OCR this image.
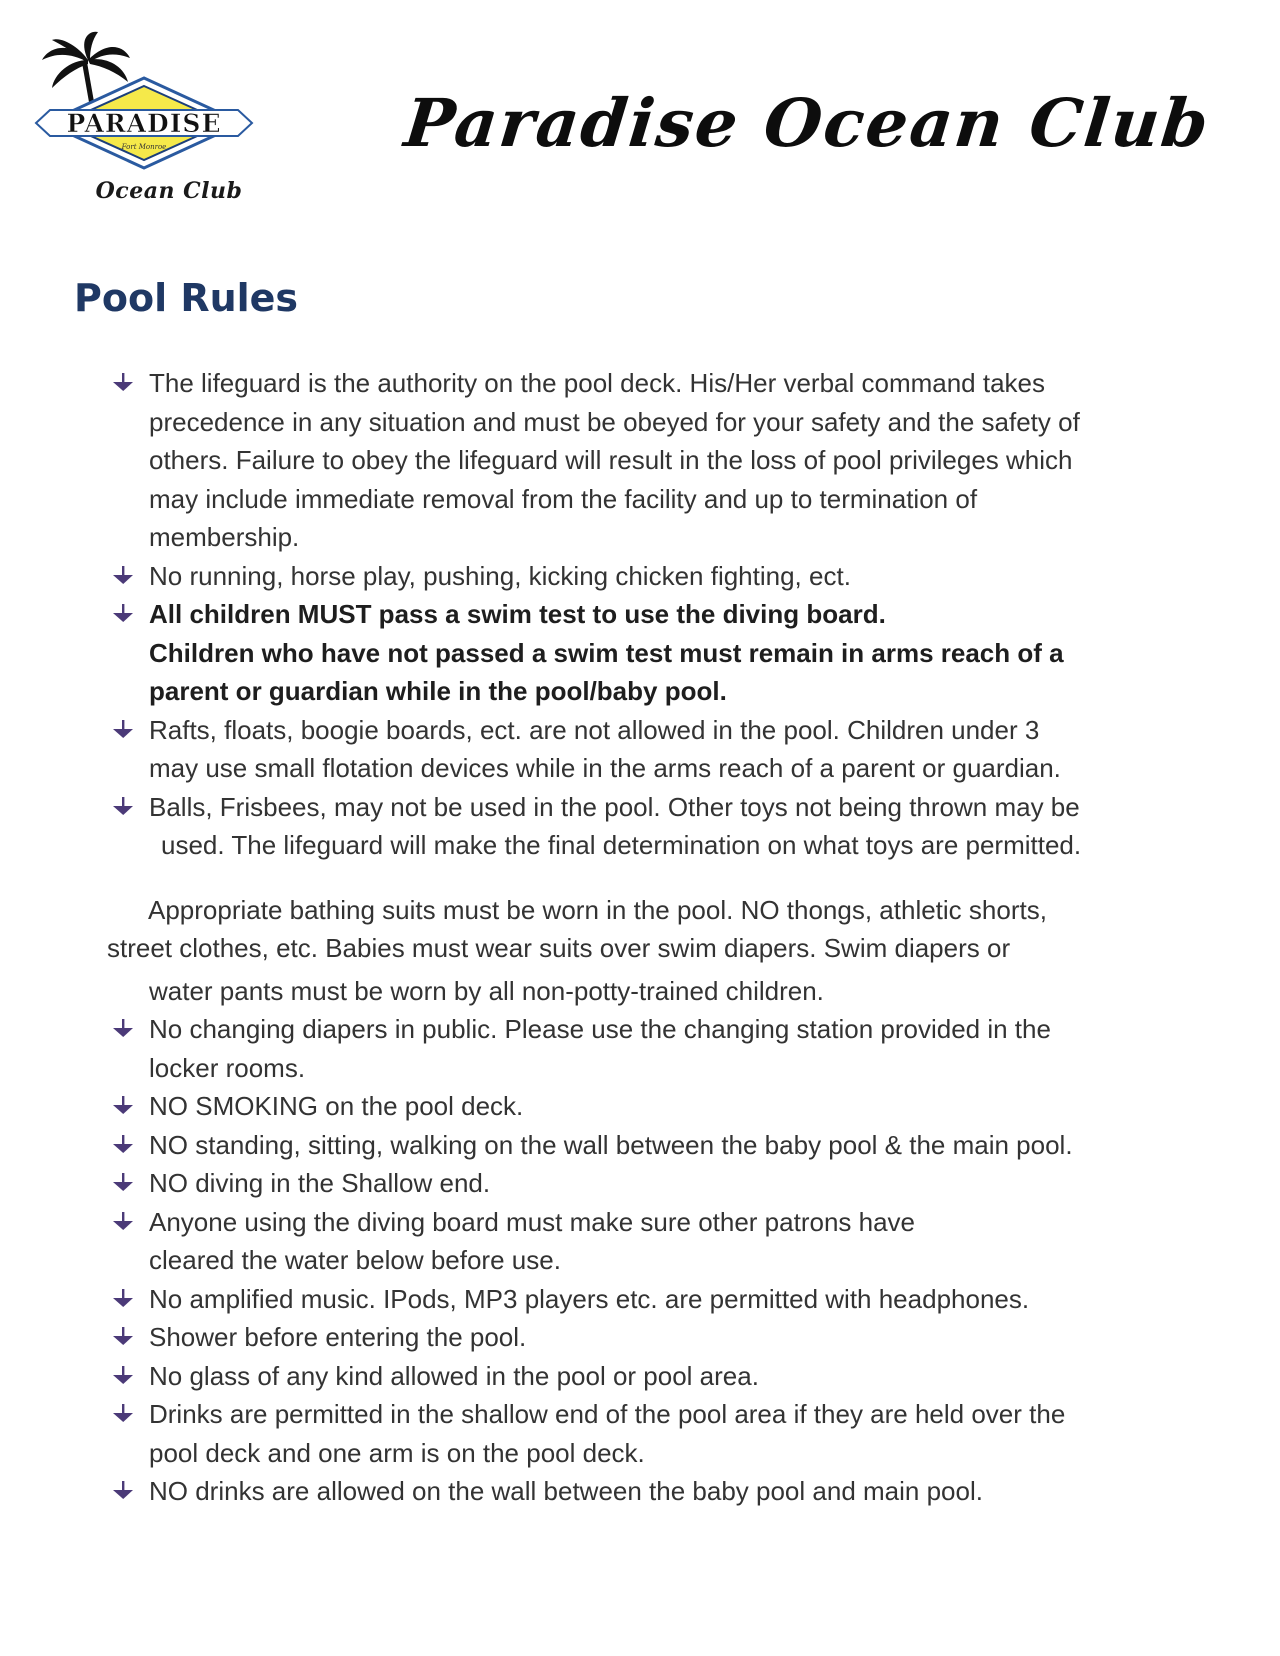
PARADISE
Fort Monroe
Ocean Club
Paradise Ocean Club
Pool Rules
The lifeguard is the authority on the pool deck. His/Her verbal command takes
precedence in any situation and must be obeyed for your safety and the safety of
others. Failure to obey the lifeguard will result in the loss of pool privileges which
may include immediate removal from the facility and up to termination of
membership.
No running, horse play, pushing, kicking chicken fighting, ect.
All children MUST pass a swim test to use the diving board.
Children who have not passed a swim test must remain in arms reach of a
parent or guardian while in the pool/baby pool.
Rafts, floats, boogie boards, ect. are not allowed in the pool. Children under 3
may use small flotation devices while in the arms reach of a parent or guardian.
Balls, Frisbees, may not be used in the pool. Other toys not being thrown may be
used. The lifeguard will make the final determination on what toys are permitted.
Appropriate bathing suits must be worn in the pool. NO thongs, athletic shorts,
street clothes, etc. Babies must wear suits over swim diapers. Swim diapers or
water pants must be worn by all non-potty-trained children.
No changing diapers in public. Please use the changing station provided in the
locker rooms.
NO SMOKING on the pool deck.
NO standing, sitting, walking on the wall between the baby pool & the main pool.
NO diving in the Shallow end.
Anyone using the diving board must make sure other patrons have
cleared the water below before use.
No amplified music. IPods, MP3 players etc. are permitted with headphones.
Shower before entering the pool.
No glass of any kind allowed in the pool or pool area.
Drinks are permitted in the shallow end of the pool area if they are held over the
pool deck and one arm is on the pool deck.
NO drinks are allowed on the wall between the baby pool and main pool.
